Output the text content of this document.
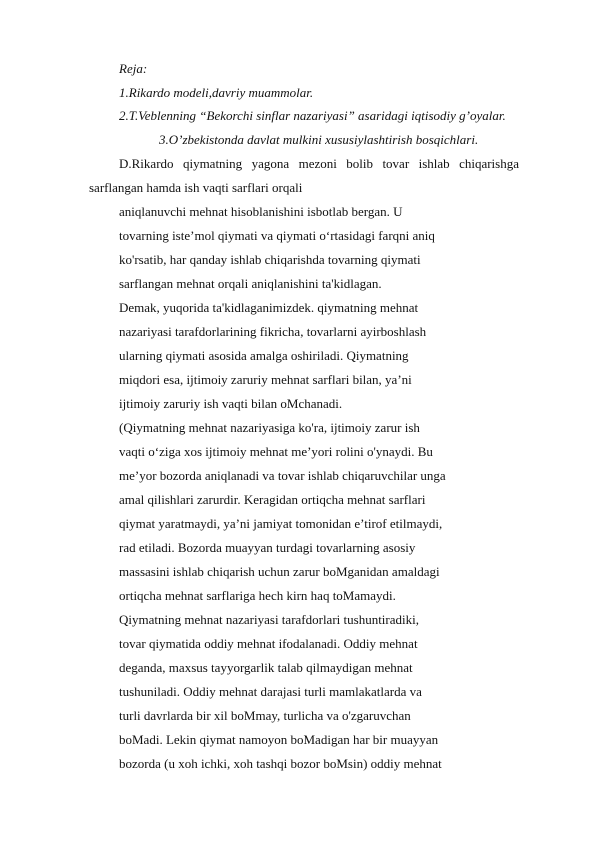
Reja:
1.Rikardo modeli,davriy muammolar.
2.T.Veblenning “Bekorchi sinflar nazariyasi” asaridagi iqtisodiy g’oyalar.
3.O’zbekistonda davlat mulkini xususiylashtirish bosqichlari.
D.Rikardo qiymatning yagona mezoni bolib tovar ishlab chiqarishga
sarflangan hamda ish vaqti sarflari orqali
aniqlanuvchi mehnat hisoblanishini isbotlab bergan. U
tovarning iste’mol qiymati va qiymati o‘rtasidagi farqni aniq
ko'rsatib, har qanday ishlab chiqarishda tovarning qiymati
sarflangan mehnat orqali aniqlanishini ta'kidlagan.
Demak, yuqorida ta'kidlaganimizdek. qiymatning mehnat
nazariyasi tarafdorlarining fikricha, tovarlarni ayirboshlash
ularning qiymati asosida amalga oshiriladi. Qiymatning
miqdori esa, ijtimoiy zaruriy mehnat sarflari bilan, ya’ni
ijtimoiy zaruriy ish vaqti bilan oMchanadi.
(Qiymatning mehnat nazariyasiga ko'ra, ijtimoiy zarur ish
vaqti o‘ziga xos ijtimoiy mehnat me’yori rolini o'ynaydi. Bu
me’yor bozorda aniqlanadi va tovar ishlab chiqaruvchilar unga
amal qilishlari zarurdir. Keragidan ortiqcha mehnat sarflari
qiymat yaratmaydi, ya’ni jamiyat tomonidan e’tirof etilmaydi,
rad etiladi. Bozorda muayyan turdagi tovarlarning asosiy
massasini ishlab chiqarish uchun zarur boMganidan amaldagi
ortiqcha mehnat sarflariga hech kirn haq toMamaydi.
Qiymatning mehnat nazariyasi tarafdorlari tushuntiradiki,
tovar qiymatida oddiy mehnat ifodalanadi. Oddiy mehnat
deganda, maxsus tayyorgarlik talab qilmaydigan mehnat
tushuniladi. Oddiy mehnat darajasi turli mamlakatlarda va
turli davrlarda bir xil boMmay, turlicha va o'zgaruvchan
boMadi. Lekin qiymat namoyon boMadigan har bir muayyan
bozorda (u xoh ichki, xoh tashqi bozor boMsin) oddiy mehnat
